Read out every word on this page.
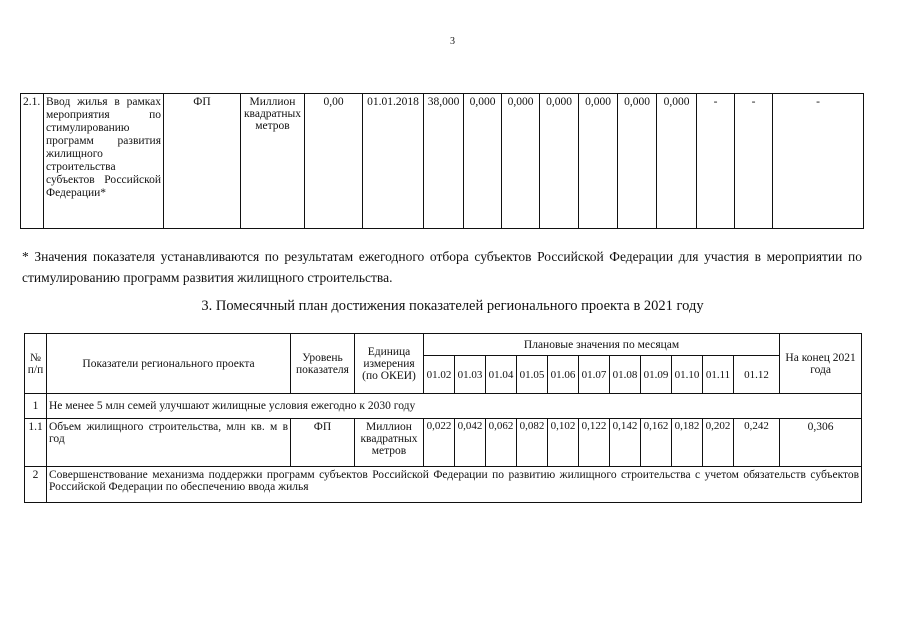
3
2.1.	Ввод жилья в рамках мероприятия по стимулированию программ развития жилищного строительства субъектов Российской Федерации*	ФП	Миллион квадратных метров	0,00	01.01.2018	38,000	0,000	0,000	0,000	0,000	0,000	0,000	-	-	-
* Значения показателя устанавливаются по результатам ежегодного отбора субъектов Российской Федерации для участия в мероприятии по стимулированию программ развития жилищного строительства.
3. Помесячный план достижения показателей регионального проекта в 2021 году
№ п/п	Показатели регионального проекта	Уровень показателя	Единица измерения (по ОКЕИ)	Плановые значения по месяцам											На конец 2021 года
				01.02	01.03	01.04	01.05	01.06	01.07	01.08	01.09	01.10	01.11	01.12	
1	Не менее 5 млн семей улучшают жилищные условия ежегодно к 2030 году														
1.1	Объем жилищного строительства, млн кв. м в год	ФП	Миллион квадратных метров	0,022	0,042	0,062	0,082	0,102	0,122	0,142	0,162	0,182	0,202	0,242	0,306
2	Совершенствование механизма поддержки программ субъектов Российской Федерации по развитию жилищного строительства с учетом обязательств субъектов Российской Федерации по обеспечению ввода жилья														
